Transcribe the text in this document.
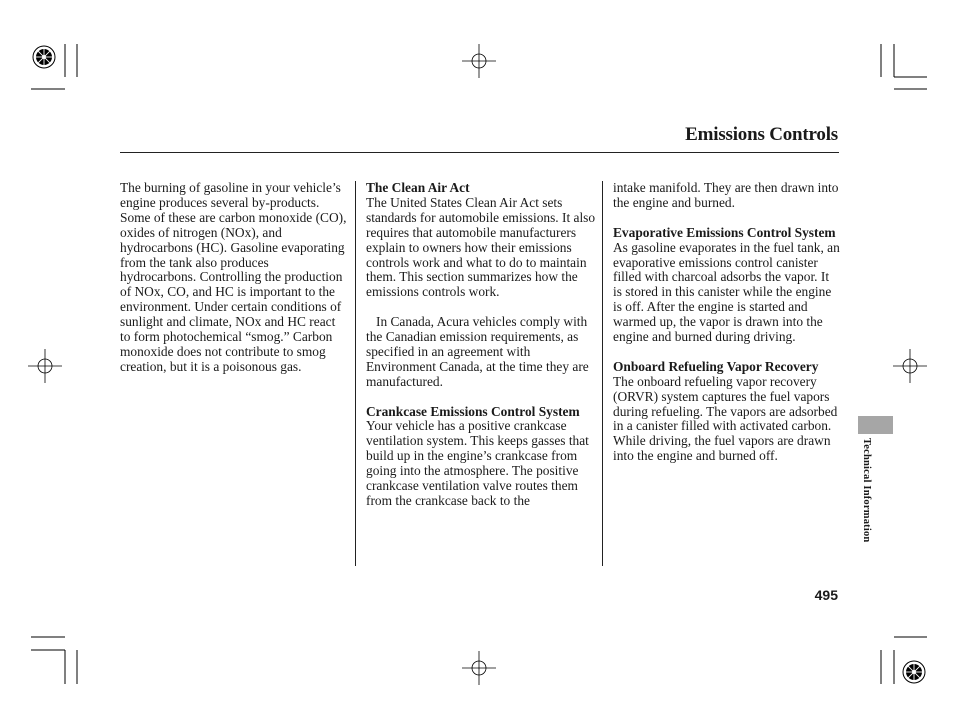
Emissions Controls

The burning of gasoline in your vehicle’s engine produces several by-products. Some of these are carbon monoxide (CO), oxides of nitrogen (NOx), and hydrocarbons (HC). Gasoline evaporating from the tank also produces hydrocarbons. Controlling the production of NOx, CO, and HC is important to the environment. Under certain conditions of sunlight and climate, NOx and HC react to form photochemical “smog.” Carbon monoxide does not contribute to smog creation, but it is a poisonous gas.

The Clean Air Act

The United States Clean Air Act sets standards for automobile emissions. It also requires that automobile manufacturers explain to owners how their emissions controls work and what to do to maintain them. This section summarizes how the emissions controls work.

In Canada, Acura vehicles comply with the Canadian emission requirements, as specified in an agreement with Environment Canada, at the time they are manufactured.

Crankcase Emissions Control System

Your vehicle has a positive crankcase ventilation system. This keeps gasses that build up in the engine’s crankcase from going into the atmosphere. The positive crankcase ventilation valve routes them from the crankcase back to the

intake manifold. They are then drawn into the engine and burned.

Evaporative Emissions Control System

As gasoline evaporates in the fuel tank, an evaporative emissions control canister filled with charcoal adsorbs the vapor. It is stored in this canister while the engine is off. After the engine is started and warmed up, the vapor is drawn into the engine and burned during driving.

Onboard Refueling Vapor Recovery

The onboard refueling vapor recovery (ORVR) system captures the fuel vapors during refueling. The vapors are adsorbed in a canister filled with activated carbon. While driving, the fuel vapors are drawn into the engine and burned off.	Technical Information
495
